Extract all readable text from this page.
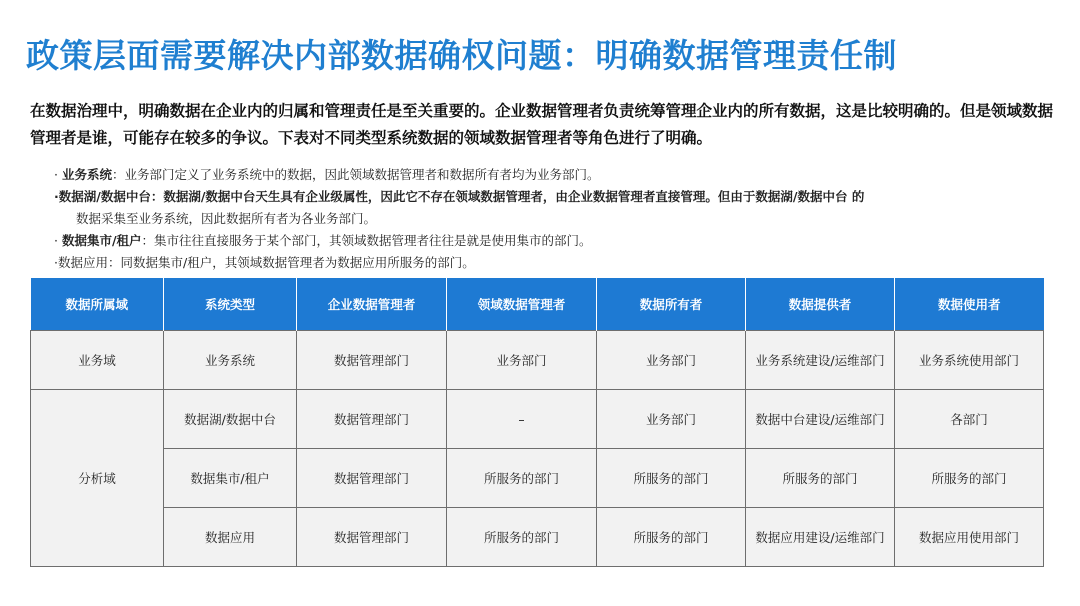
政策层面需要解决内部数据确权问题：明确数据管理责任制
在数据治理中，明确数据在企业内的归属和管理责任是至关重要的。企业数据管理者负责统筹管理企业内的所有数据，这是比较明确的。但是领域数据管理者是谁，可能存在较多的争议。下表对不同类型系统数据的领域数据管理者等角色进行了明确。

· 业务系统：业务部门定义了业务系统中的数据，因此领域数据管理者和数据所有者均为业务部门。

·数据湖/数据中台：数据湖/数据中台天生具有企业级属性，因此它不存在领域数据管理者，由企业数据管理者直接管理。但由于数据湖/数据中台 的
数据采集至业务系统，因此数据所有者为各业务部门。

· 数据集市/租户：集市往往直接服务于某个部门，其领域数据管理者往往是就是使用集市的部门。

·数据应用：同数据集市/租户，其领域数据管理者为数据应用所服务的部门。

数据所属域	系统类型	企业数据管理者	领域数据管理者	数据所有者	数据提供者	数据使用者
业务域	业务系统	数据管理部门	业务部门	业务部门	业务系统建设/运维部门	业务系统使用部门
分析域	数据湖/数据中台	数据管理部门	–	业务部门	数据中台建设/运维部门	各部门
	数据集市/租户	数据管理部门	所服务的部门	所服务的部门	所服务的部门	所服务的部门
	数据应用	数据管理部门	所服务的部门	所服务的部门	数据应用建设/运维部门	数据应用使用部门
